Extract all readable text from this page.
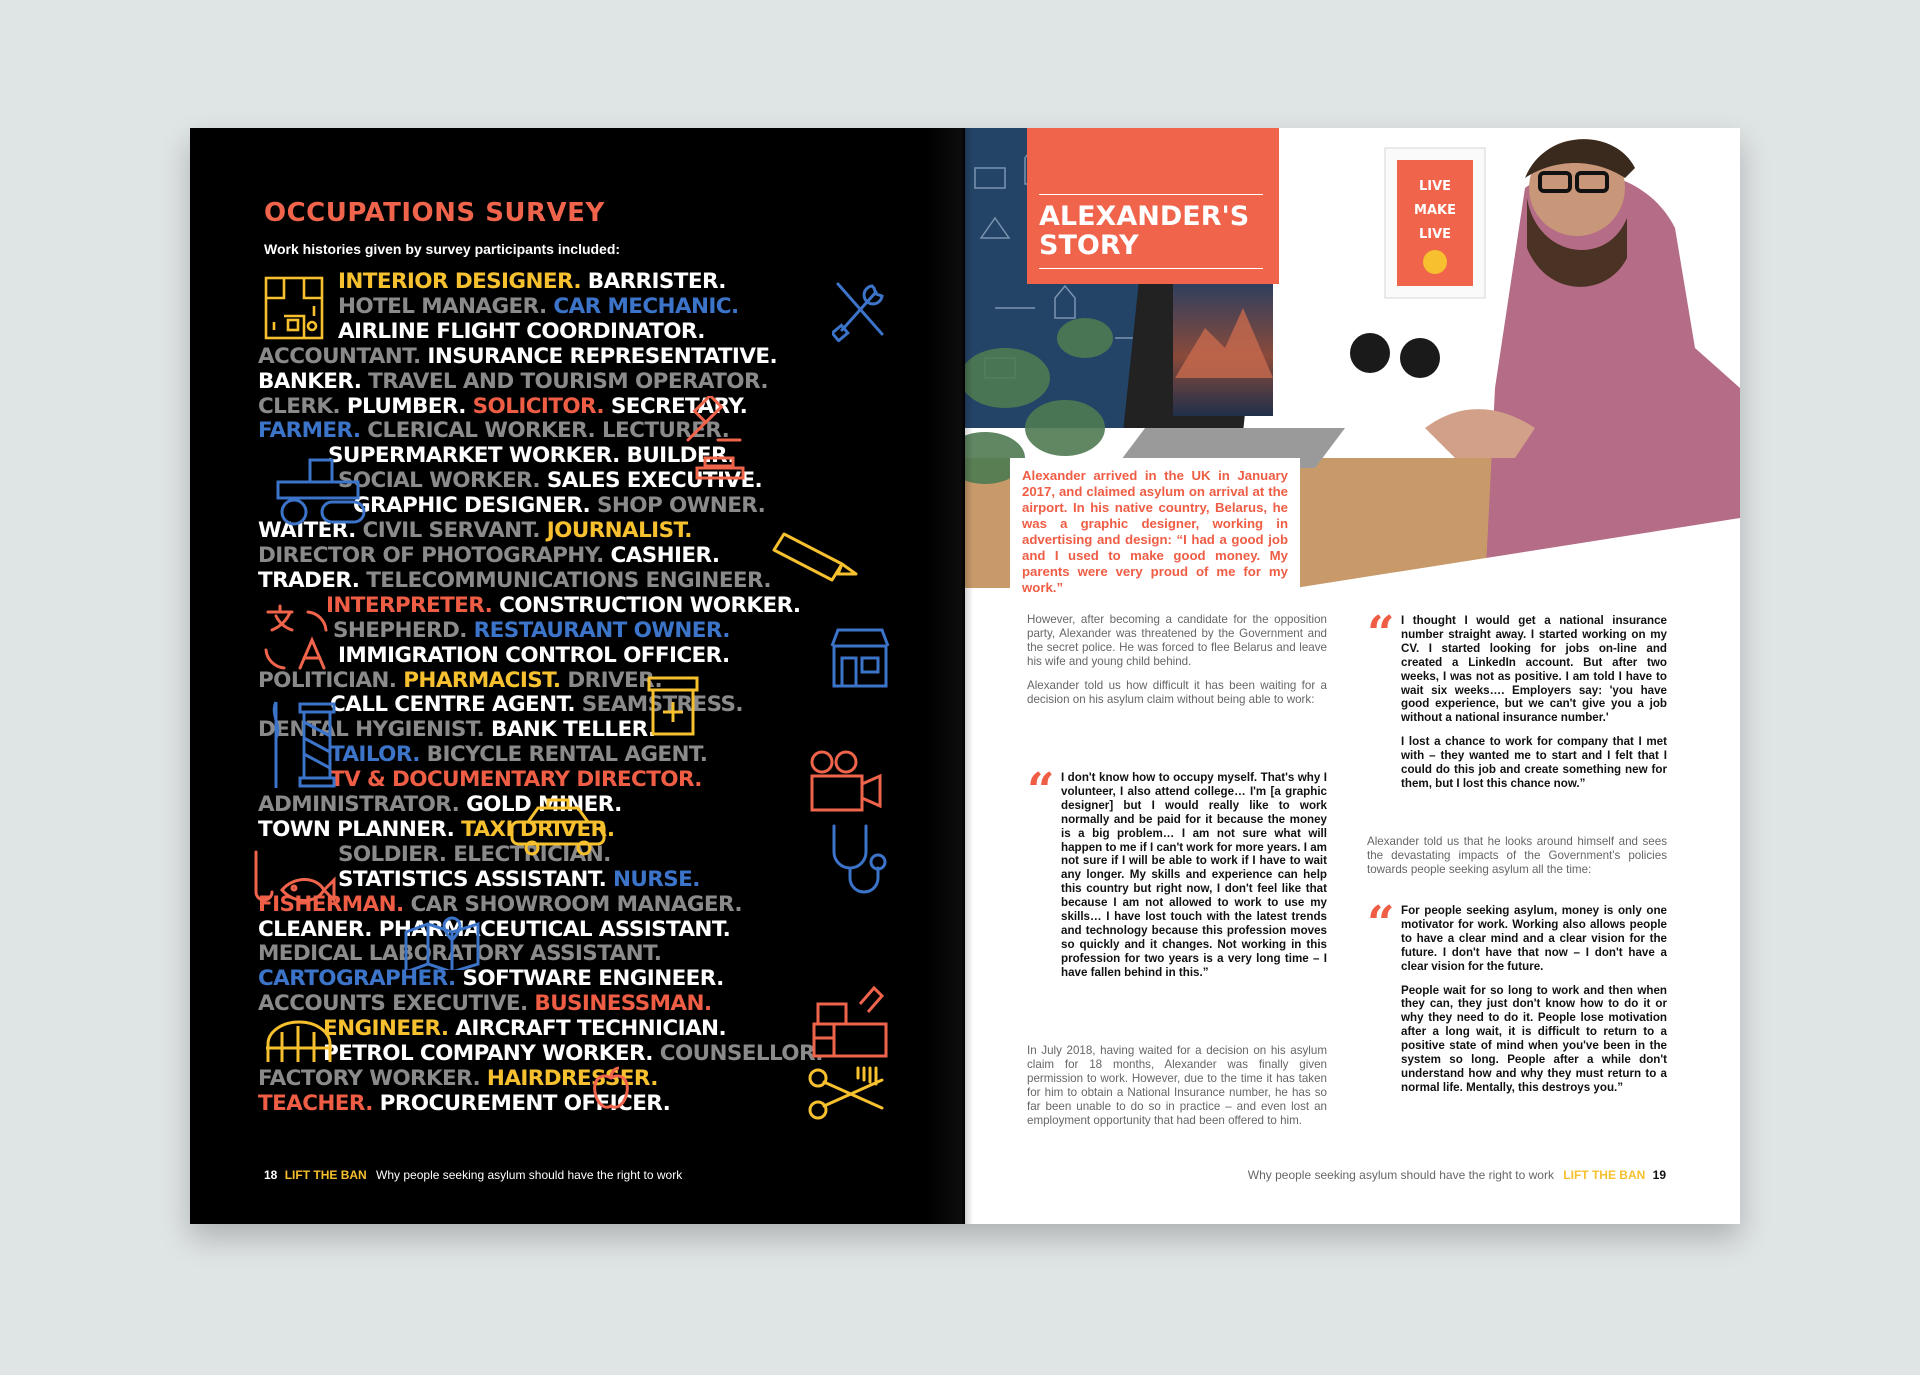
OCCUPATIONS SURVEY
Work histories given by survey participants included:
INTERIOR DESIGNER. BARRISTER.
HOTEL MANAGER. CAR MECHANIC.
AIRLINE FLIGHT COORDINATOR.
ACCOUNTANT. INSURANCE REPRESENTATIVE.
BANKER. TRAVEL AND TOURISM OPERATOR.
CLERK. PLUMBER. SOLICITOR. SECRETARY.
FARMER. CLERICAL WORKER. LECTURER.
SUPERMARKET WORKER. BUILDER.
SOCIAL WORKER. SALES EXECUTIVE.
GRAPHIC DESIGNER. SHOP OWNER.
WAITER. CIVIL SERVANT. JOURNALIST.
DIRECTOR OF PHOTOGRAPHY. CASHIER.
TRADER. TELECOMMUNICATIONS ENGINEER.
INTERPRETER. CONSTRUCTION WORKER.
SHEPHERD. RESTAURANT OWNER.
IMMIGRATION CONTROL OFFICER.
POLITICIAN. PHARMACIST. DRIVER.
CALL CENTRE AGENT. SEAMSTRESS.
DENTAL HYGIENIST. BANK TELLER.
TAILOR. BICYCLE RENTAL AGENT.
TV & DOCUMENTARY DIRECTOR.
ADMINISTRATOR. GOLD MINER.
TOWN PLANNER. TAXI DRIVER.
SOLDIER. ELECTRICIAN.
STATISTICS ASSISTANT. NURSE.
FISHERMAN. CAR SHOWROOM MANAGER.
CLEANER. PHARMACEUTICAL ASSISTANT.
MEDICAL LABORATORY ASSISTANT.
CARTOGRAPHER. SOFTWARE ENGINEER.
ACCOUNTS EXECUTIVE. BUSINESSMAN.
ENGINEER. AIRCRAFT TECHNICIAN.
PETROL COMPANY WORKER. COUNSELLOR.
FACTORY WORKER. HAIRDRESSER.
TEACHER. PROCUREMENT OFFICER.
18 LIFT THE BAN Why people seeking asylum should have the right to work
LIVE
MAKE
LIVE
ALEXANDER'S
STORY

Alexander arrived in the UK in January 2017, and claimed asylum on arrival at the airport. In his native country, Belarus, he was a graphic designer, working in advertising and design: “I had a good job and I used to make good money. My parents were very proud of me for my work.”

However, after becoming a candidate for the opposition party, Alexander was threatened by the Government and the secret police. He was forced to flee Belarus and leave his wife and young child behind.

Alexander told us how difficult it has been waiting for a decision on his asylum claim without being able to work:

“ I don't know how to occupy myself. That's why I volunteer, I also attend college… I'm [a graphic designer] but I would really like to work normally and be paid for it because the money is a big problem… I am not sure what will happen to me if I can't work for more years. I am not sure if I will be able to work if I have to wait any longer. My skills and experience can help this country but right now, I don't feel like that because I am not allowed to work to use my skills… I have lost touch with the latest trends and technology because this profession moves so quickly and it changes. Not working in this profession for two years is a very long time – I have fallen behind in this.”

In July 2018, having waited for a decision on his asylum claim for 18 months, Alexander was finally given permission to work. However, due to the time it has taken for him to obtain a National Insurance number, he has so far been unable to do so in practice – and even lost an employment opportunity that had been offered to him.

“ I thought I would get a national insurance number straight away. I started working on my CV. I started looking for jobs on-line and created a LinkedIn account. But after two weeks, I was not as positive. I am told I have to wait six weeks…. Employers say: 'you have good experience, but we can't give you a job without a national insurance number.'

I lost a chance to work for company that I met with – they wanted me to start and I felt that I could do this job and create something new for them, but I lost this chance now.”

Alexander told us that he looks around himself and sees the devastating impacts of the Government's policies towards people seeking asylum all the time:

“ For people seeking asylum, money is only one motivator for work. Working also allows people to have a clear mind and a clear vision for the future. I don't have that now – I don't have a clear vision for the future.

People wait for so long to work and then when they can, they just don't know how to do it or why they need to do it. People lose motivation after a long wait, it is difficult to return to a positive state of mind when you've been in the system so long. People after a while don't understand how and why they must return to a normal life. Mentally, this destroys you.”

Why people seeking asylum should have the right to work LIFT THE BAN 19
